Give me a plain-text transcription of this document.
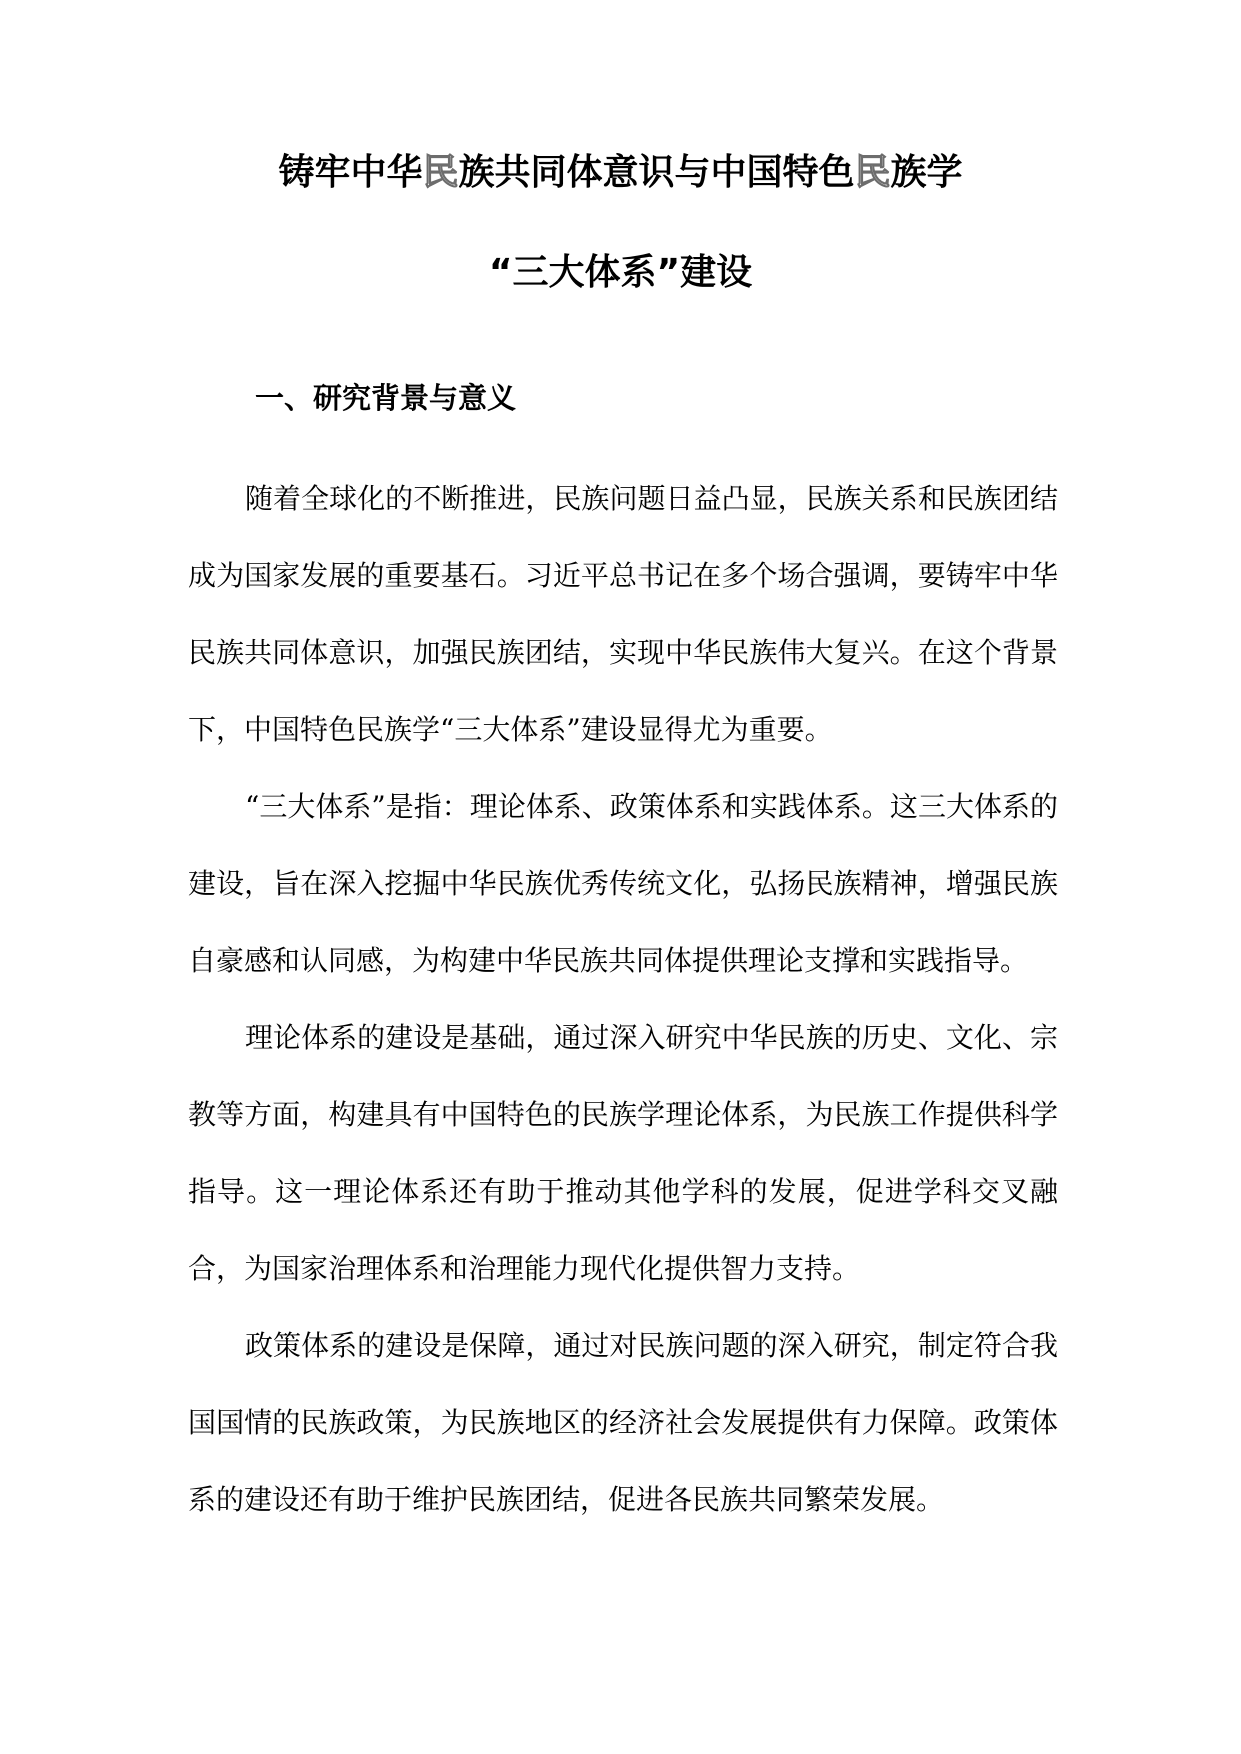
铸牢中华民族共同体意识与中国特色民族学
“三大体系”建设
一、研究背景与意义

随着全球化的不断推进，民族问题日益凸显，民族关系和民族团结成为国家发展的重要基石。习近平总书记在多个场合强调，要铸牢中华民族共同体意识，加强民族团结，实现中华民族伟大复兴。在这个背景下，中国特色民族学“三大体系”建设显得尤为重要。

“三大体系”是指：理论体系、政策体系和实践体系。这三大体系的建设，旨在深入挖掘中华民族优秀传统文化，弘扬民族精神，增强民族自豪感和认同感，为构建中华民族共同体提供理论支撑和实践指导。

理论体系的建设是基础，通过深入研究中华民族的历史、文化、宗教等方面，构建具有中国特色的民族学理论体系，为民族工作提供科学指导。这一理论体系还有助于推动其他学科的发展，促进学科交叉融合，为国家治理体系和治理能力现代化提供智力支持。

政策体系的建设是保障，通过对民族问题的深入研究，制定符合我国国情的民族政策，为民族地区的经济社会发展提供有力保障。政策体系的建设还有助于维护民族团结，促进各民族共同繁荣发展。
